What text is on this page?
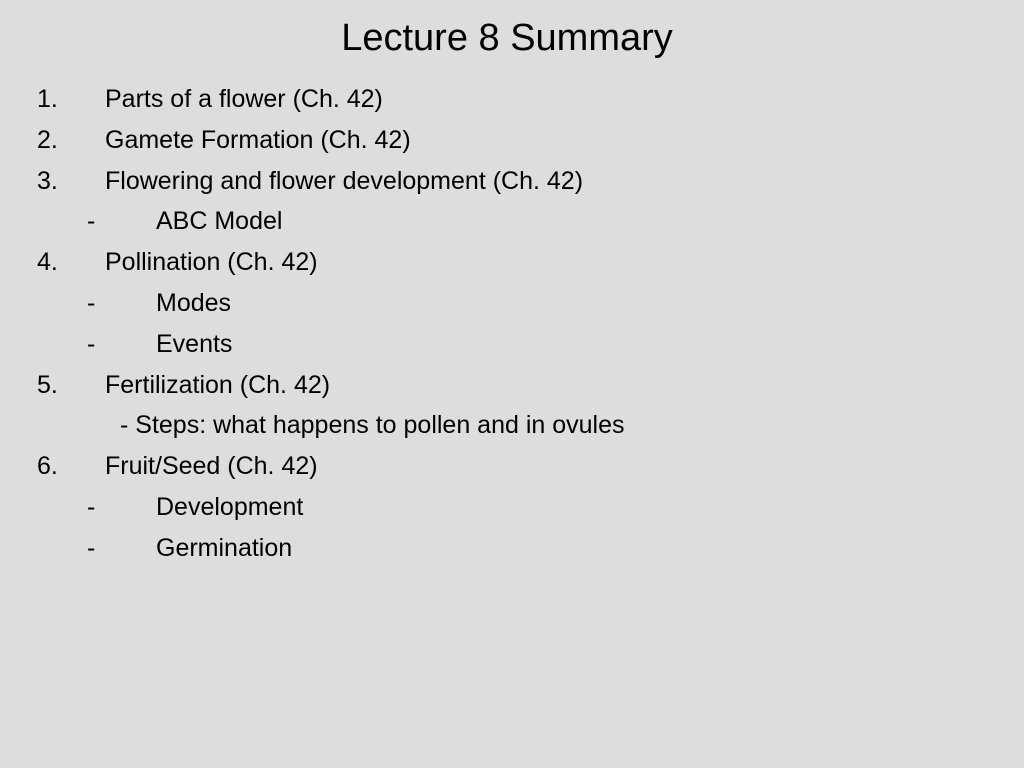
Lecture 8 Summary
1. Parts of a flower (Ch. 42)
2. Gamete Formation (Ch. 42)
3. Flowering and flower development (Ch. 42)
- ABC Model
4. Pollination (Ch. 42)
- Modes
- Events
5. Fertilization (Ch. 42)
- Steps: what happens to pollen and in ovules
6. Fruit/Seed (Ch. 42)
- Development
- Germination
